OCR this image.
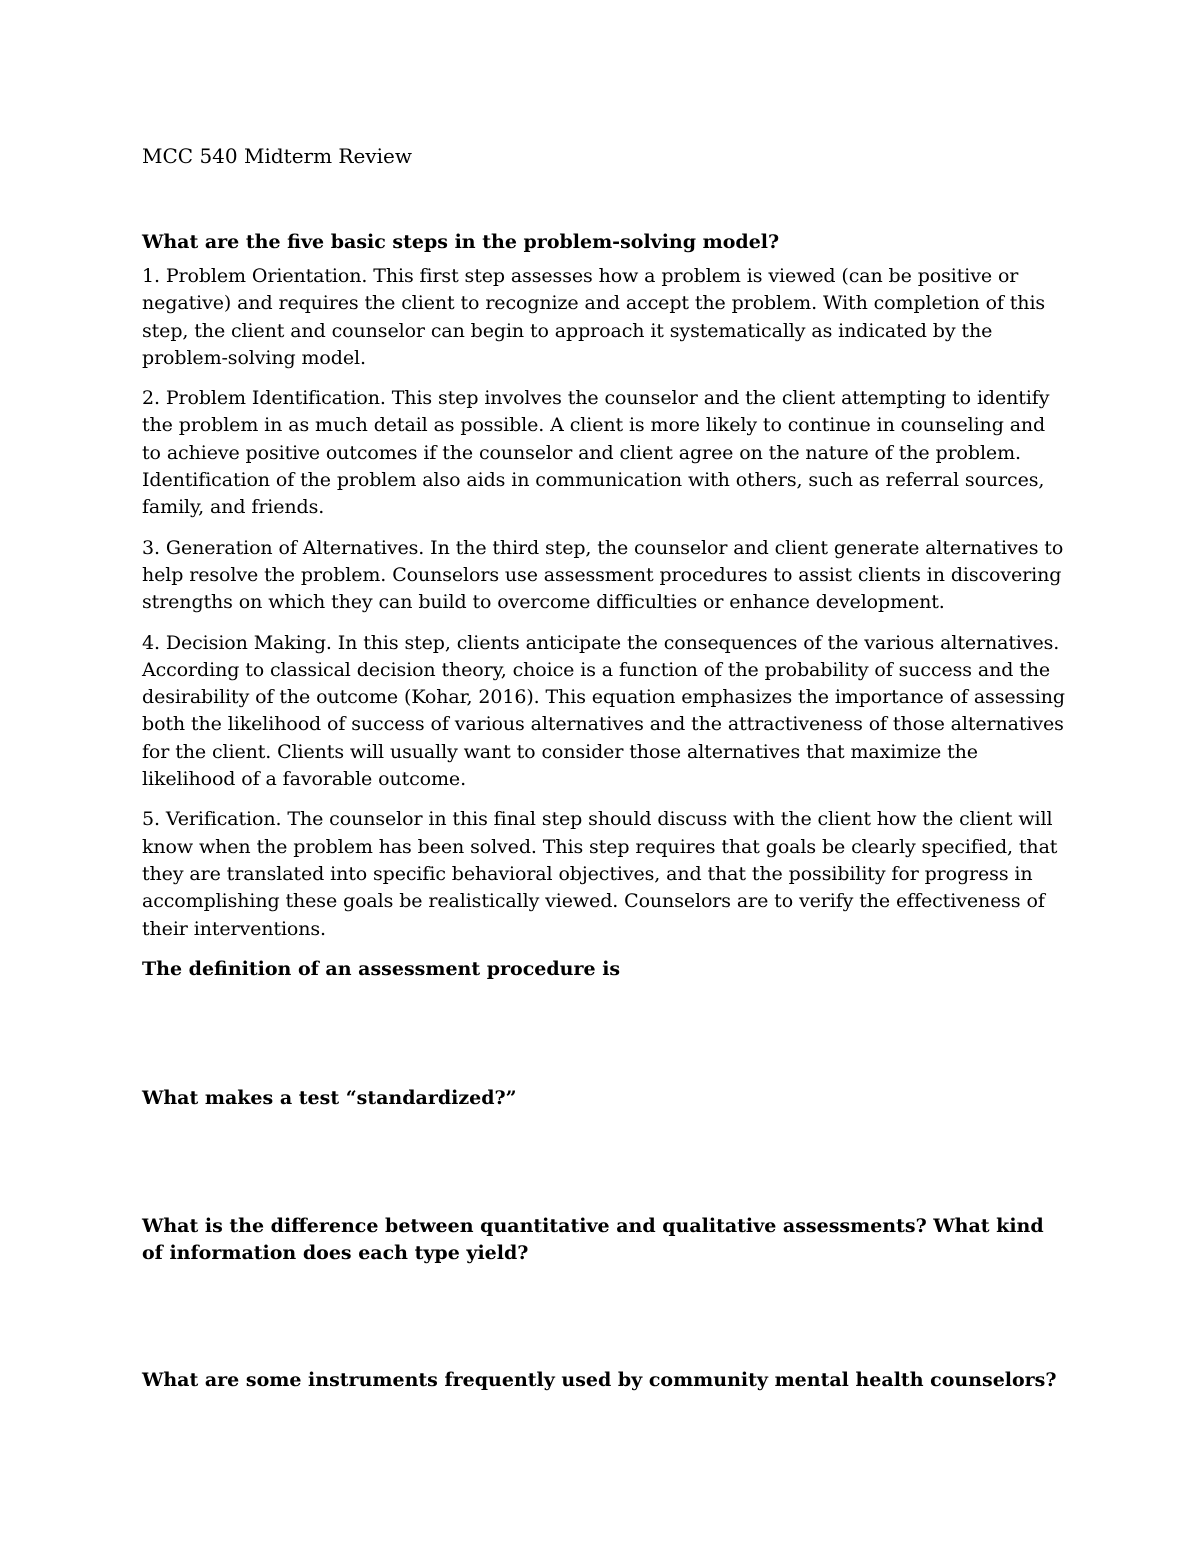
MCC 540 Midterm Review

What are the five basic steps in the problem-solving model?

1. Problem Orientation. This first step assesses how a problem is viewed (can be positive or negative) and requires the client to recognize and accept the problem. With completion of this step, the client and counselor can begin to approach it systematically as indicated by the problem-solving model.

2. Problem Identification. This step involves the counselor and the client attempting to identify the problem in as much detail as possible. A client is more likely to continue in counseling and to achieve positive outcomes if the counselor and client agree on the nature of the problem. Identification of the problem also aids in communication with others, such as referral sources, family, and friends.

3. Generation of Alternatives. In the third step, the counselor and client generate alternatives to help resolve the problem. Counselors use assessment procedures to assist clients in discovering strengths on which they can build to overcome difficulties or enhance development.

4. Decision Making. In this step, clients anticipate the consequences of the various alternatives. According to classical decision theory, choice is a function of the probability of success and the desirability of the outcome (Kohar, 2016). This equation emphasizes the importance of assessing both the likelihood of success of various alternatives and the attractiveness of those alternatives for the client. Clients will usually want to consider those alternatives that maximize the likelihood of a favorable outcome.

5. Verification. The counselor in this final step should discuss with the client how the client will know when the problem has been solved. This step requires that goals be clearly specified, that they are translated into specific behavioral objectives, and that the possibility for progress in accomplishing these goals be realistically viewed. Counselors are to verify the effectiveness of their interventions.

The definition of an assessment procedure is

What makes a test “standardized?”

What is the difference between quantitative and qualitative assessments? What kind of information does each type yield?

What are some instruments frequently used by community mental health counselors?
